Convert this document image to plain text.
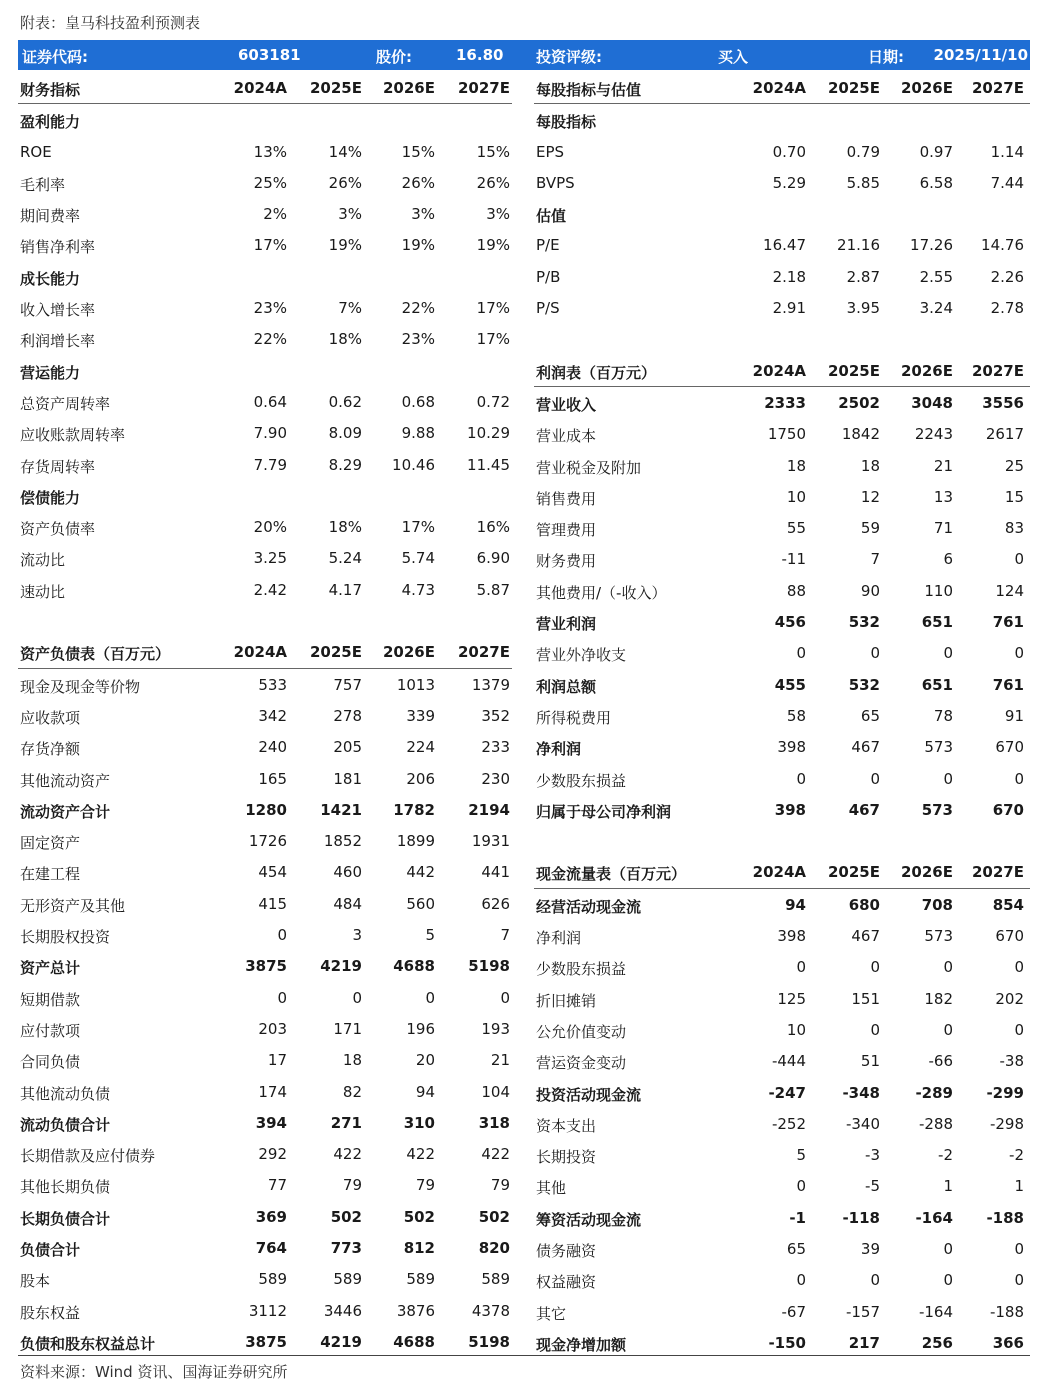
附表：皇马科技盈利预测表
证券代码:	603181	股价:	16.80 投资评级:	买入	日期: 2025/11/10
财务指标	2024A 2025E 2026E 2027E
盈利能力
ROE	13%	14%	15%	15%
毛利率	25%	26%	26%	26%
期间费率	2%	3%	3%	3%
销售净利率	17%	19%	19%	19%
成长能力
收入增长率	23%	7%	22%	17%
利润增长率	22%	18%	23%	17%
营运能力
总资产周转率	0.64	0.62	0.68	0.72
应收账款周转率	7.90	8.09	9.88 10.29
存货周转率	7.79	8.29 10.46 11.45
偿债能力
资产负债率	20%	18%	17%	16%
流动比	3.25	5.24	5.74	6.90
速动比	2.42	4.17	4.73	5.87
资产负债表（百万元）	2024A 2025E 2026E 2027E
现金及现金等价物	533	757 1013 1379
应收款项	342	278	339	352
存货净额	240	205	224	233
其他流动资产	165	181	206	230
流动资产合计	1280 1421 1782 2194
固定资产	1726 1852 1899 1931
在建工程	454	460	442	441
无形资产及其他	415	484	560	626
长期股权投资	0	3	5	7
资产总计	3875 4219 4688 5198
短期借款	0	0	0	0
应付款项	203	171	196	193
合同负债	17	18	20	21
其他流动负债	174	82	94	104
流动负债合计	394	271	310	318
长期借款及应付债券	292	422	422	422
其他长期负债	77	79	79	79
长期负债合计	369	502	502	502
负债合计	764	773	812	820
股本	589	589	589	589
股东权益	3112 3446 3876 4378
负债和股东权益总计	3875 4219 4688 5198
每股指标与估值	2024A 2025E 2026E 2027E
每股指标
EPS	0.70	0.79	0.97	1.14
BVPS	5.29	5.85	6.58	7.44
估值
P/E	16.47 21.16 17.26 14.76
P/B	2.18	2.87	2.55	2.26
P/S	2.91	3.95	3.24	2.78
利润表（百万元）	2024A 2025E 2026E 2027E
营业收入	2333 2502 3048 3556
营业成本	1750 1842 2243 2617
营业税金及附加	18	18	21	25
销售费用	10	12	13	15
管理费用	55	59	71	83
财务费用	-11	7	6	0
其他费用/（-收入）	88	90	110	124
营业利润	456	532	651	761
营业外净收支	0	0	0	0
利润总额	455	532	651	761
所得税费用	58	65	78	91
净利润	398	467	573	670
少数股东损益	0	0	0	0
归属于母公司净利润	398	467	573	670
现金流量表（百万元）	2024A 2025E 2026E 2027E
经营活动现金流	94	680	708	854
净利润	398	467	573	670
少数股东损益	0	0	0	0
折旧摊销	125	151	182	202
公允价值变动	10	0	0	0
营运资金变动	-444	51	-66	-38
投资活动现金流	-247 -348 -289 -299
资本支出	-252	-340	-288 -298
长期投资	5	-3	-2	-2
其他	0	-5	1	1
筹资活动现金流	-1 -118 -164 -188
债务融资	65	39	0	0
权益融资	0	0	0	0
其它	-67	-157	-164 -188
现金净增加额	-150	217	256	366
资料来源：Wind 资讯、国海证券研究所
